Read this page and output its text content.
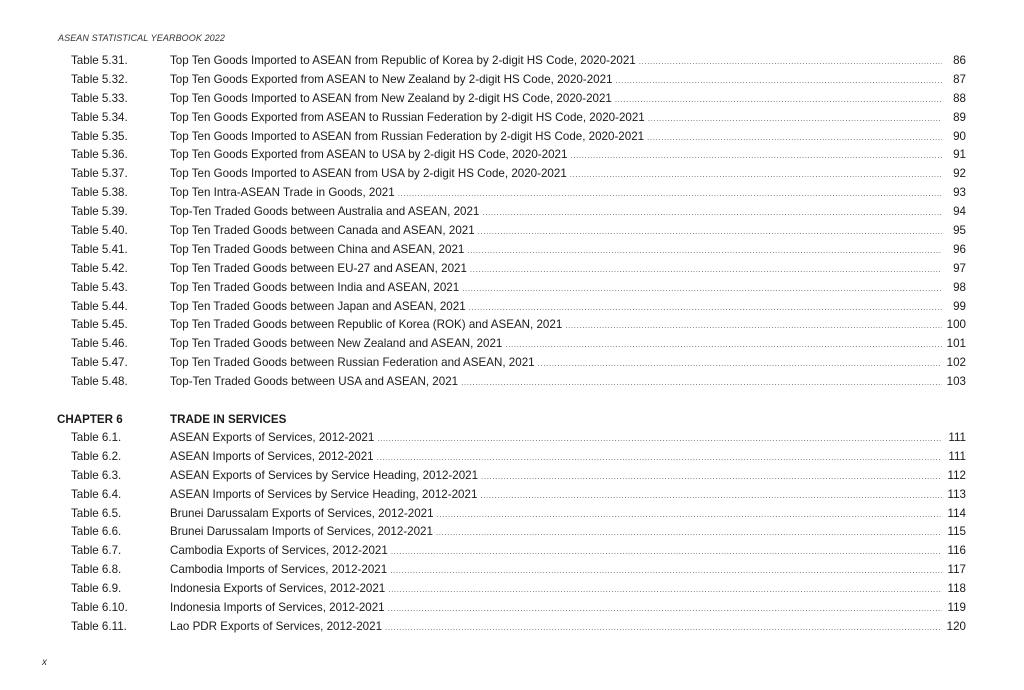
ASEAN STATISTICAL YEARBOOK 2022
Table 5.31.	Top Ten Goods Imported to ASEAN from Republic of Korea by 2-digit HS Code, 2020-2021 .....	86
Table 5.32.	Top Ten Goods Exported from ASEAN to New Zealand by 2-digit HS Code, 2020-2021 .....	87
Table 5.33.	Top Ten Goods Imported to ASEAN from New Zealand by 2-digit HS Code, 2020-2021 .....	88
Table 5.34.	Top Ten Goods Exported from ASEAN to Russian Federation by 2-digit HS Code, 2020-2021 .....	89
Table 5.35.	Top Ten Goods Imported to ASEAN from Russian Federation by 2-digit HS Code, 2020-2021 .....	90
Table 5.36.	Top Ten Goods Exported from ASEAN to USA by 2-digit HS Code, 2020-2021 .....	91
Table 5.37.	Top Ten Goods Imported to ASEAN from USA by 2-digit HS Code, 2020-2021 .....	92
Table 5.38.	Top Ten Intra-ASEAN Trade in Goods, 2021 .....	93
Table 5.39.	Top-Ten Traded Goods between Australia and ASEAN, 2021 .....	94
Table 5.40.	Top Ten Traded Goods between Canada and ASEAN, 2021 .....	95
Table 5.41.	Top Ten Traded Goods between China and ASEAN, 2021 .....	96
Table 5.42.	Top Ten Traded Goods between EU-27 and ASEAN, 2021 .....	97
Table 5.43.	Top Ten Traded Goods between India and ASEAN, 2021 .....	98
Table 5.44.	Top Ten Traded Goods between Japan and ASEAN, 2021 .....	99
Table 5.45.	Top Ten Traded Goods between Republic of Korea (ROK) and ASEAN, 2021 .....	100
Table 5.46.	Top Ten Traded Goods between New Zealand and ASEAN, 2021 .....	101
Table 5.47.	Top Ten Traded Goods between Russian Federation and ASEAN, 2021 .....	102
Table 5.48.	Top-Ten Traded Goods between USA and ASEAN, 2021 .....	103
CHAPTER 6	TRADE IN SERVICES
Table 6.1.	ASEAN Exports of Services, 2012-2021 .....	111
Table 6.2.	ASEAN Imports of Services, 2012-2021 .....	111
Table 6.3.	ASEAN Exports of Services by Service Heading, 2012-2021 .....	112
Table 6.4.	ASEAN Imports of Services by Service Heading, 2012-2021 .....	113
Table 6.5.	Brunei Darussalam Exports of Services, 2012-2021 .....	114
Table 6.6.	Brunei Darussalam Imports of Services, 2012-2021 .....	115
Table 6.7.	Cambodia Exports of Services, 2012-2021 .....	116
Table 6.8.	Cambodia Imports of Services, 2012-2021 .....	117
Table 6.9.	Indonesia Exports of Services, 2012-2021 .....	118
Table 6.10.	Indonesia Imports of Services, 2012-2021 .....	119
Table 6.11.	Lao PDR Exports of Services, 2012-2021 .....	120
x
